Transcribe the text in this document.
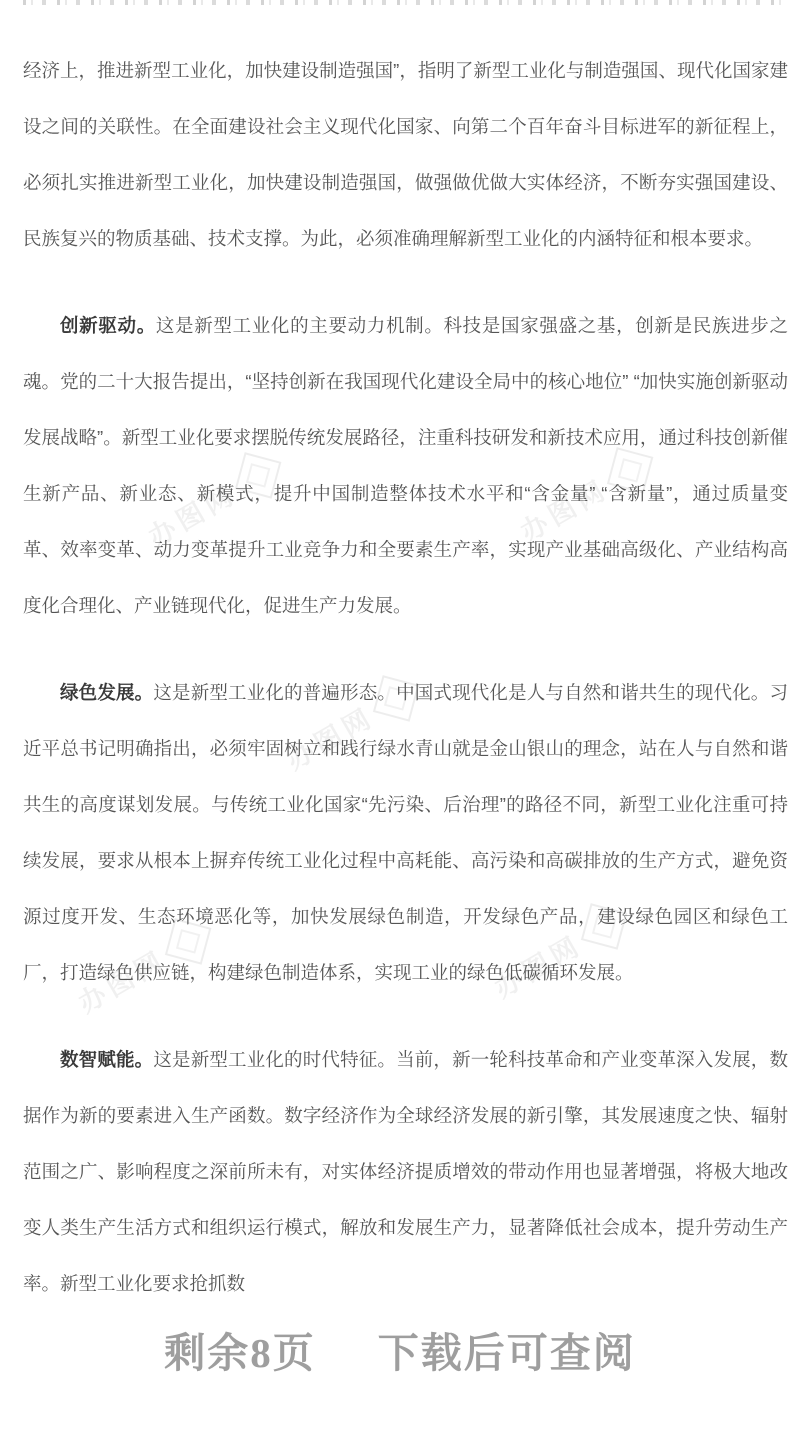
办图网	办图网
办图网
办图网	办图网

经济上，推进新型工业化，加快建设制造强国”，指明了新型工业化与制造强国、现代化国家建设之间的关联性。在全面建设社会主义现代化国家、向第二个百年奋斗目标进军的新征程上，必须扎实推进新型工业化，加快建设制造强国，做强做优做大实体经济，不断夯实强国建设、民族复兴的物质基础、技术支撑。为此，必须准确理解新型工业化的内涵特征和根本要求。

创新驱动。这是新型工业化的主要动力机制。科技是国家强盛之基，创新是民族进步之魂。党的二十大报告提出，“坚持创新在我国现代化建设全局中的核心地位” “加快实施创新驱动发展战略”。新型工业化要求摆脱传统发展路径，注重科技研发和新技术应用，通过科技创新催生新产品、新业态、新模式，提升中国制造整体技术水平和“含金量” “含新量”，通过质量变革、效率变革、动力变革提升工业竞争力和全要素生产率，实现产业基础高级化、产业结构高度化合理化、产业链现代化，促进生产力发展。

绿色发展。这是新型工业化的普遍形态。中国式现代化是人与自然和谐共生的现代化。习近平总书记明确指出，必须牢固树立和践行绿水青山就是金山银山的理念，站在人与自然和谐共生的高度谋划发展。与传统工业化国家“先污染、后治理”的路径不同，新型工业化注重可持续发展，要求从根本上摒弃传统工业化过程中高耗能、高污染和高碳排放的生产方式，避免资源过度开发、生态环境恶化等，加快发展绿色制造，开发绿色产品，建设绿色园区和绿色工厂，打造绿色供应链，构建绿色制造体系，实现工业的绿色低碳循环发展。

数智赋能。这是新型工业化的时代特征。当前，新一轮科技革命和产业变革深入发展，数据作为新的要素进入生产函数。数字经济作为全球经济发展的新引擎，其发展速度之快、辐射范围之广、影响程度之深前所未有，对实体经济提质增效的带动作用也显著增强，将极大地改变人类生产生活方式和组织运行模式，解放和发展生产力，显著降低社会成本，提升劳动生产率。新型工业化要求抢抓数

剩余8页 下载后可查阅
